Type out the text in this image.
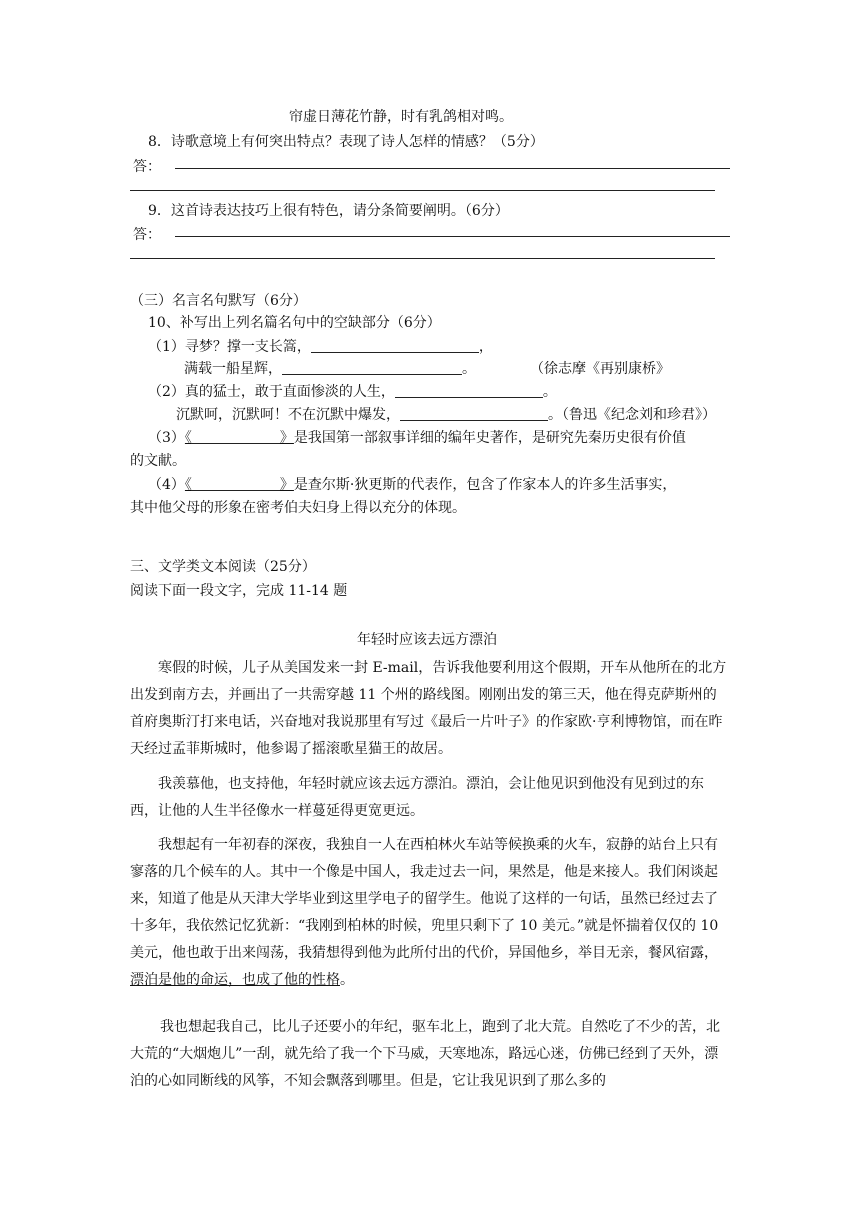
帘虚日薄花竹静，时有乳鸽相对鸣。
8．诗歌意境上有何突出特点？表现了诗人怎样的情感？（5分）
答：
9．这首诗表达技巧上很有特色，请分条简要阐明。（6分）
答：
（三）名言名句默写（6分）
10、补写出上列名篇名句中的空缺部分（6分）
（1）寻梦？撑一支长篙，	，
满载一船星辉，	。	（徐志摩《再别康桥》
（2）真的猛士，敢于直面惨淡的人生，	。
沉默呵，沉默呵！不在沉默中爆发，	。（鲁迅《纪念刘和珍君》）
（3）《	》是我国第一部叙事详细的编年史著作，是研究先秦历史很有价值
的文献。
（4）《	》是查尔斯·狄更斯的代表作，包含了作家本人的许多生活事实，
其中他父母的形象在密考伯夫妇身上得以充分的体现。
三、文学类文本阅读（25分）
阅读下面一段文字，完成 11-14 题
年轻时应该去远方漂泊
寒假的时候，儿子从美国发来一封 E-mail，告诉我他要利用这个假期，开车从他所在的北方出发到南方去，并画出了一共需穿越 11 个州的路线图。刚刚出发的第三天，他在得克萨斯州的首府奥斯汀打来电话，兴奋地对我说那里有写过《最后一片叶子》的作家欧·亨利博物馆，而在昨天经过孟菲斯城时，他参谒了摇滚歌星猫王的故居。
我羡慕他，也支持他，年轻时就应该去远方漂泊。漂泊，会让他见识到他没有见到过的东西，让他的人生半径像水一样蔓延得更宽更远。
我想起有一年初春的深夜，我独自一人在西柏林火车站等候换乘的火车，寂静的站台上只有寥落的几个候车的人。其中一个像是中国人，我走过去一问，果然是，他是来接人。我们闲谈起来，知道了他是从天津大学毕业到这里学电子的留学生。他说了这样的一句话，虽然已经过去了十多年，我依然记忆犹新：“我刚到柏林的时候，兜里只剩下了 10 美元。”就是怀揣着仅仅的 10 美元，他也敢于出来闯荡，我猜想得到他为此所付出的代价，异国他乡，举目无亲，餐风宿露，漂泊是他的命运，也成了他的性格。
我也想起我自己，比儿子还要小的年纪，驱车北上，跑到了北大荒。自然吃了不少的苦，北大荒的“大烟炮儿”一刮，就先给了我一个下马威，天寒地冻，路远心迷，仿佛已经到了天外，漂泊的心如同断线的风筝，不知会飘落到哪里。但是，它让我见识到了那么多的
